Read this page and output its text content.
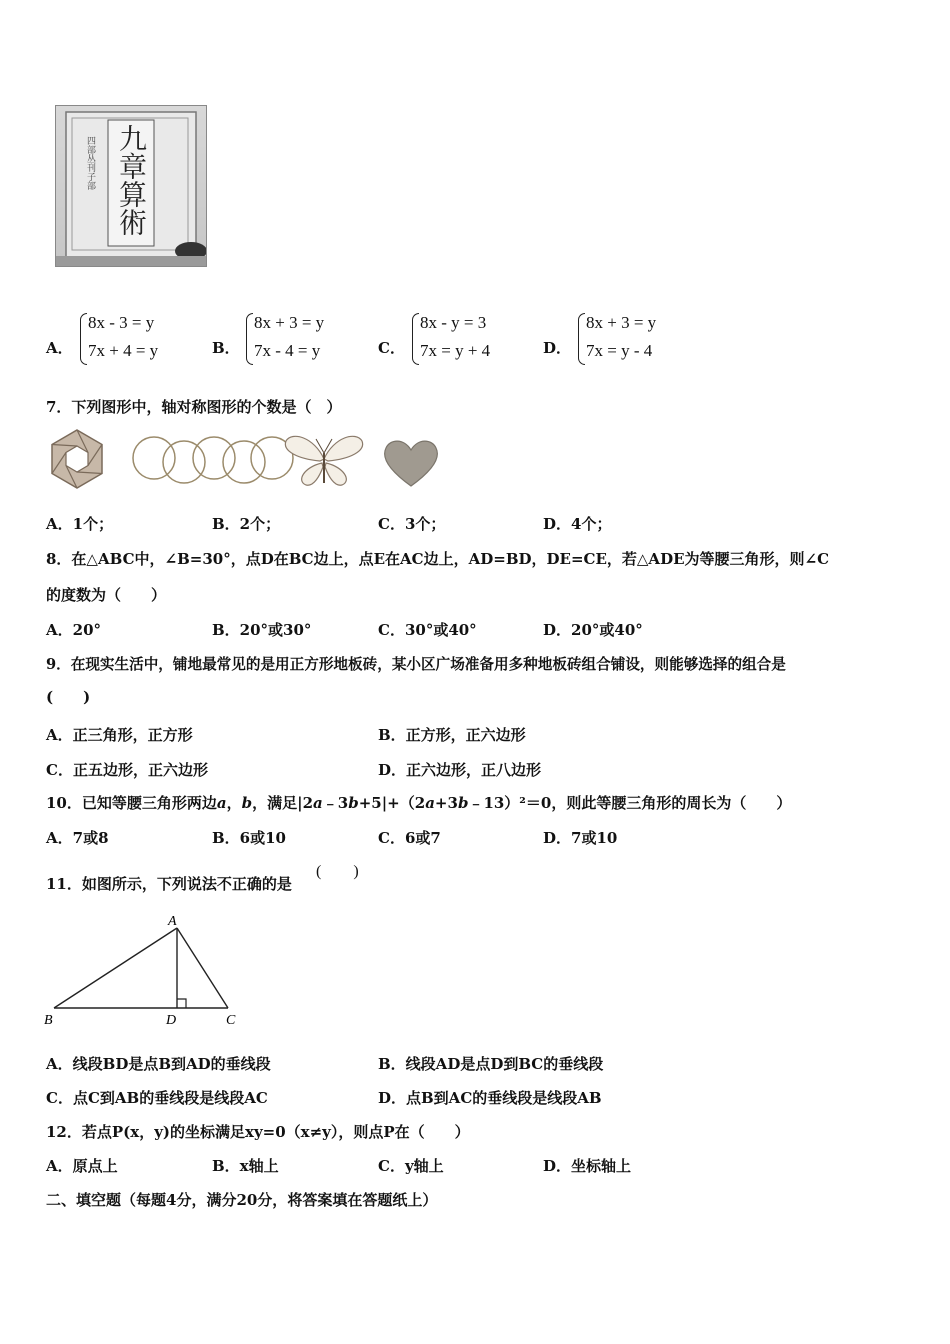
九章算術
四部丛刊子部
A．
8x - 3 = y
7x + 4 = y	B．
8x + 3 = y
7x - 4 = y	C．
8x - y = 3
7x = y + 4	D．
8x + 3 = y
7x = y - 4
7．下列图形中，轴对称图形的个数是（　）
A．1个；	B．2个；	C．3个；	D．4个；
8．在△ABC中，∠B=30°，点D在BC边上，点E在AC边上，AD=BD，DE=CE，若△ADE为等腰三角形，则∠C
的度数为（　　）
A．20°	B．20°或30°	C．30°或40°	D．20°或40°
9．在现实生活中，铺地最常见的是用正方形地板砖，某小区广场准备用多种地板砖组合铺设，则能够选择的组合是
(　　)
A．正三角形，正方形	B．正方形，正六边形
C．正五边形，正六边形	D．正六边形，正八边形
10．已知等腰三角形两边a，b，满足|2a﹣3b+5|+（2a+3b﹣13）²＝0，则此等腰三角形的周长为（　　）
A．7或8	B．6或10	C．6或7	D．7或10
11．如图所示，下列说法不正确的是
(　　)
A
B	D	C
A．线段BD是点B到AD的垂线段	B．线段AD是点D到BC的垂线段
C．点C到AB的垂线段是线段AC	D．点B到AC的垂线段是线段AB
12．若点P(x，y)的坐标满足xy=0（x≠y），则点P在（　　）
A．原点上	B．x轴上	C．y轴上	D．坐标轴上
二、填空题（每题4分，满分20分，将答案填在答题纸上）
